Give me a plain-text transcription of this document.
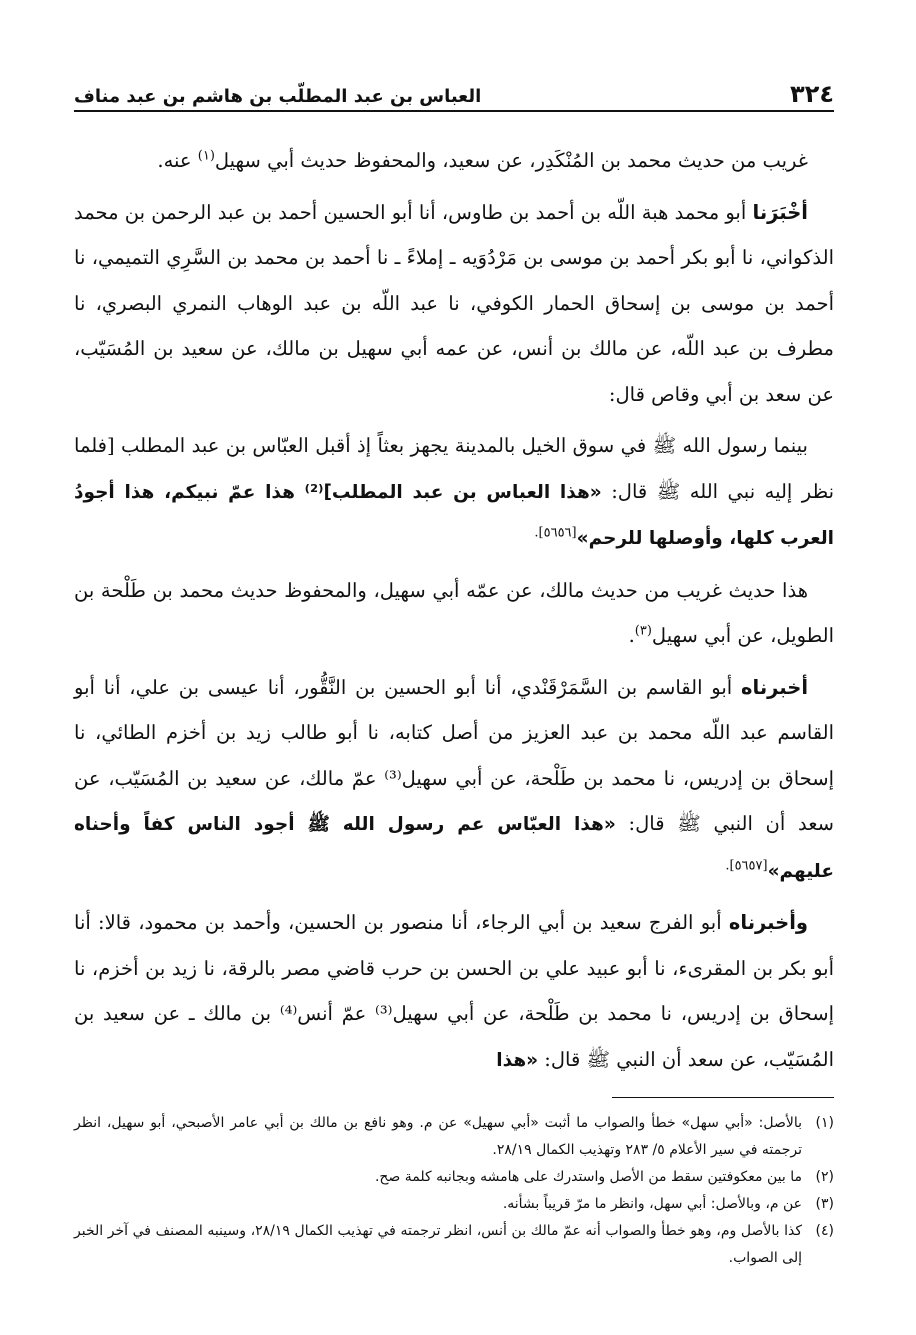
٣٢٤
العباس بن عبد المطلّب بن هاشم بن عبد مناف

غريب من حديث محمد بن المُنْكَدِر، عن سعيد، والمحفوظ حديث أبي سهيل$^{(١)}$ عنه.

أخْبَرَنا أبو محمد هبة اللّه بن أحمد بن طاوس، أنا أبو الحسين أحمد بن عبد الرحمن بن محمد الذكواني، نا أبو بكر أحمد بن موسى بن مَرْدُوَيه ـ إملاءً ـ نا أحمد بن محمد بن السَّرِي التميمي، نا أحمد بن موسى بن إسحاق الحمار الكوفي، نا عبد اللّه بن عبد الوهاب النمري البصري، نا مطرف بن عبد اللّه، عن مالك بن أنس، عن عمه أبي سهيل بن مالك، عن سعيد بن المُسَيّب، عن سعد بن أبي وقاص قال:

بينما رسول الله ﷺ في سوق الخيل بالمدينة يجهز بعثاً إذ أقبل العبّاس بن عبد المطلب [فلما نظر إليه نبي الله ﷺ قال: «هذا العباس بن عبد المطلب]⁽²⁾ هذا عمّ نبيكم، هذا أجودُ العرب كلها، وأوصلها للرحم»$^{[٥٦٥٦].}$

هذا حديث غريب من حديث مالك، عن عمّه أبي سهيل، والمحفوظ حديث محمد بن طَلْحة بن الطويل، عن أبي سهيل$^{(٣)}$.

أخبرناه أبو القاسم بن السَّمَرْقَنْدي، أنا أبو الحسين بن النَّقُّور، أنا عيسى بن علي، أنا أبو القاسم عبد اللّه محمد بن عبد العزيز من أصل كتابه، نا أبو طالب زيد بن أخزم الطائي، نا إسحاق بن إدريس، نا محمد بن طَلْحة، عن أبي سهيل⁽³⁾ عمّ مالك، عن سعيد بن المُسَيّب، عن سعد أن النبي ﷺ قال: «هذا العبّاس عم رسول الله ﷺ أجود الناس كفاً وأحناه عليهم»$^{[٥٦٥٧].}$

وأخبرناه أبو الفرج سعيد بن أبي الرجاء، أنا منصور بن الحسين، وأحمد بن محمود، قالا: أنا أبو بكر بن المقرىء، نا أبو عبيد علي بن الحسن بن حرب قاضي مصر بالرقة، نا زيد بن أخزم، نا إسحاق بن إدريس، نا محمد بن طَلْحة، عن أبي سهيل⁽³⁾ عمّ أنس⁽⁴⁾ بن مالك ـ عن سعيد بن المُسَيّب، عن سعد أن النبي ﷺ قال: «هذا

(١)
بالأصل: «أبي سهل» خطأ والصواب ما أثبت «أبي سهيل» عن م. وهو نافع بن مالك بن أبي عامر الأصبحي، أبو سهيل، انظر ترجمته في سير الأعلام ٥/ ٢٨٣ وتهذيب الكمال ٢٨/١٩.
(٢)
ما بين معكوفتين سقط من الأصل واستدرك على هامشه وبجانبه كلمة صح.
(٣)
عن م، وبالأصل: أبي سهل، وانظر ما مرّ قريباً بشأنه.
(٤)
كذا بالأصل وم، وهو خطأ والصواب أنه عمّ مالك بن أنس، انظر ترجمته في تهذيب الكمال ٢٨/١٩، وسينبه المصنف في آخر الخبر إلى الصواب.
